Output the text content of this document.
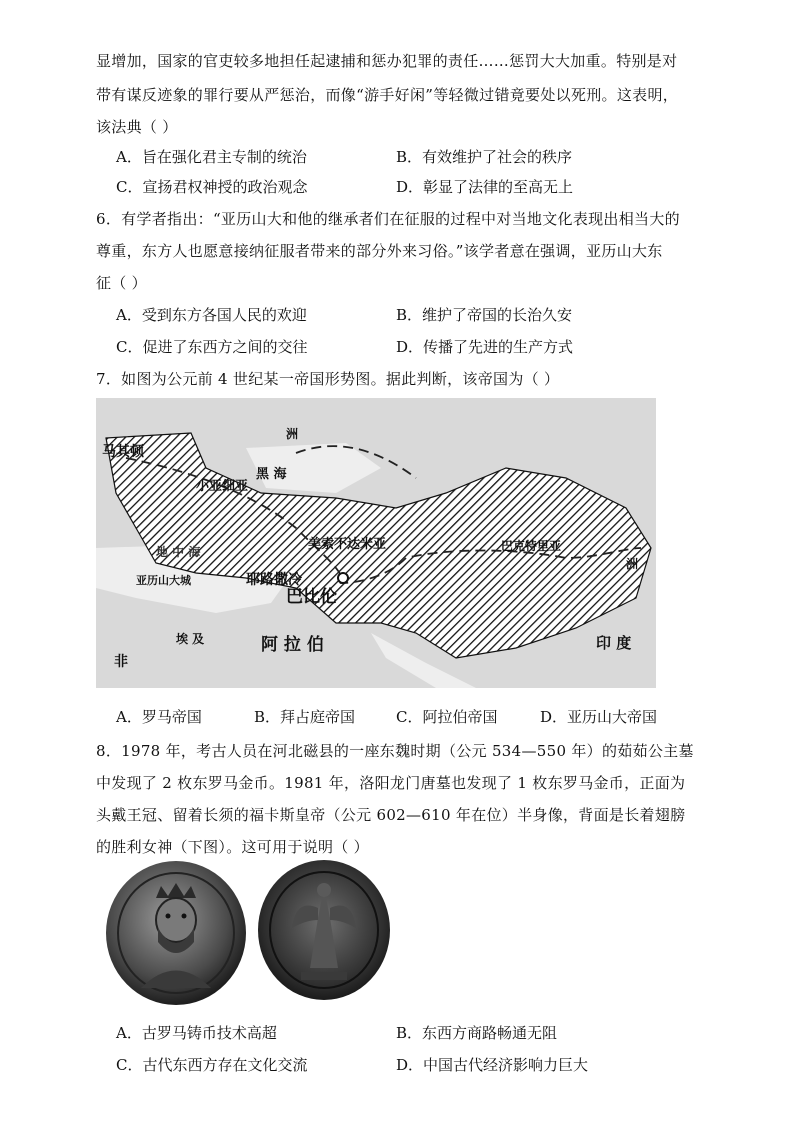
显增加，国家的官吏较多地担任起逮捕和惩办犯罪的责任……惩罚大大加重。特别是对
带有谋反迹象的罪行要从严惩治，而像“游手好闲”等轻微过错竟要处以死刑。这表明，
该法典（ ）
A．旨在强化君主专制的统治	B．有效维护了社会的秩序
C．宣扬君权神授的政治观念	D．彰显了法律的至高无上
6．有学者指出：“亚历山大和他的继承者们在征服的过程中对当地文化表现出相当大的
尊重，东方人也愿意接纳征服者带来的部分外来习俗。”该学者意在强调，亚历山大东
征（ ）
A．受到东方各国人民的欢迎	B．维护了帝国的长治久安
C．促进了东西方之间的交往	D．传播了先进的生产方式
7．如图为公元前 4 世纪某一帝国形势图。据此判断，该帝国为（ ）
马其顿
黑 海
小亚细亚
美索不达米亚	巴克特里亚
亚历山大城	耶路撒冷
巴比伦
阿 拉 伯	印 度
非
埃 及
地 中 海
洲
洲
A．罗马帝国	B．拜占庭帝国	C．阿拉伯帝国	D．亚历山大帝国
8．1978 年，考古人员在河北磁县的一座东魏时期（公元 534—550 年）的茹茹公主墓
中发现了 2 枚东罗马金币。1981 年，洛阳龙门唐墓也发现了 1 枚东罗马金币，正面为
头戴王冠、留着长须的福卡斯皇帝（公元 602—610 年在位）半身像，背面是长着翅膀
的胜利女神（下图）。这可用于说明（ ）
A．古罗马铸币技术高超	B．东西方商路畅通无阻
C．古代东西方存在文化交流	D．中国古代经济影响力巨大
